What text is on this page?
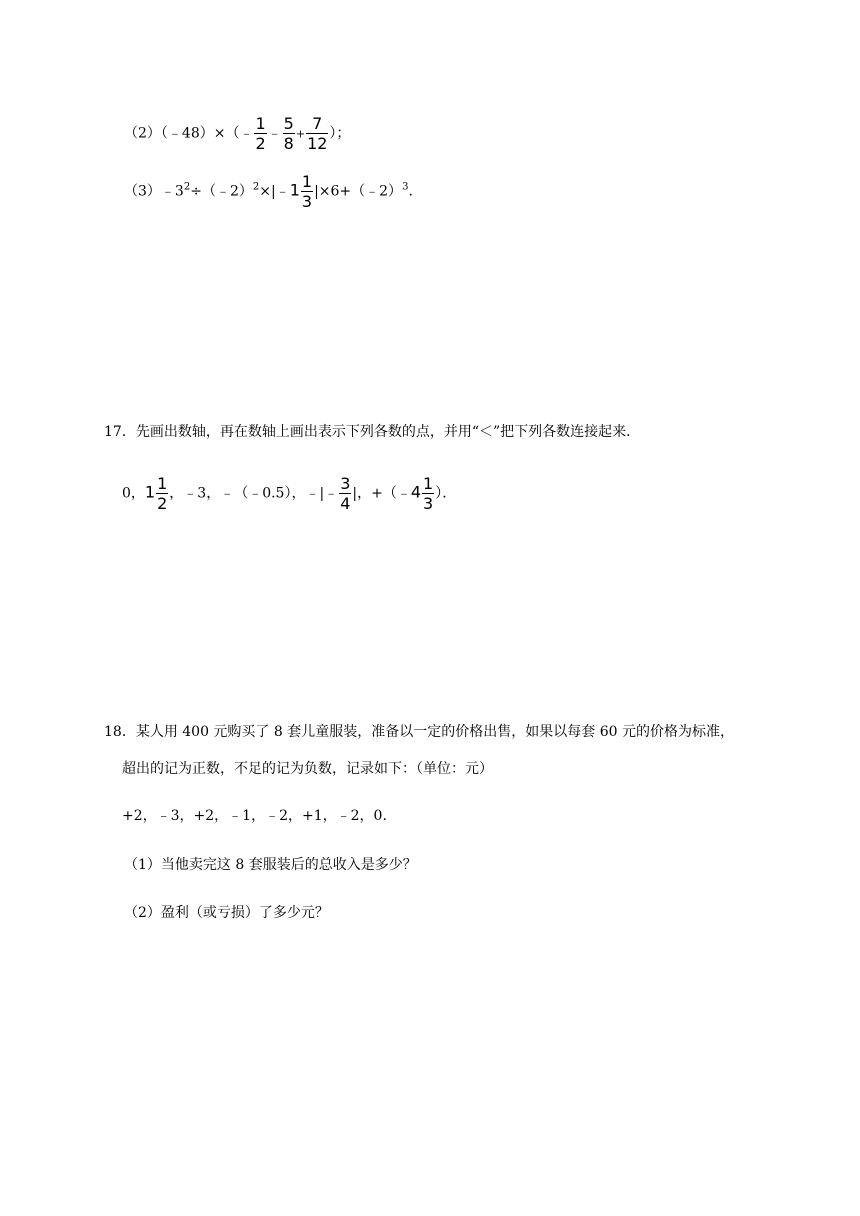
（2）（﹣48）×（﹣ $\frac{1}{2}$ ﹣ $\frac{5}{8} + \frac{7}{12}$ ）；
$(3)﹣3^2\div(﹣2)^2\times|﹣1 \frac{1}{3}$ |×6+（﹣2）$^3$.
17．先画出数轴，再在数轴上画出表示下列各数的点，并用“＜”把下列各数连接起来．
0，$1 \frac{1}{2}$ ，﹣3，﹣（﹣0.5），﹣|﹣ $\frac{3}{4}$ |，+（﹣4 $\frac{1}{3}$ ）．
18．某人用 400 元购买了 8 套儿童服装，准备以一定的价格出售，如果以每套 60 元的价格为标准，
超出的记为正数，不足的记为负数，记录如下：（单位：元）
+2，﹣3，+2，﹣1，﹣2，+1，﹣2，0.
（1）当他卖完这 8 套服装后的总收入是多少？
（2）盈利（或亏损）了多少元？
